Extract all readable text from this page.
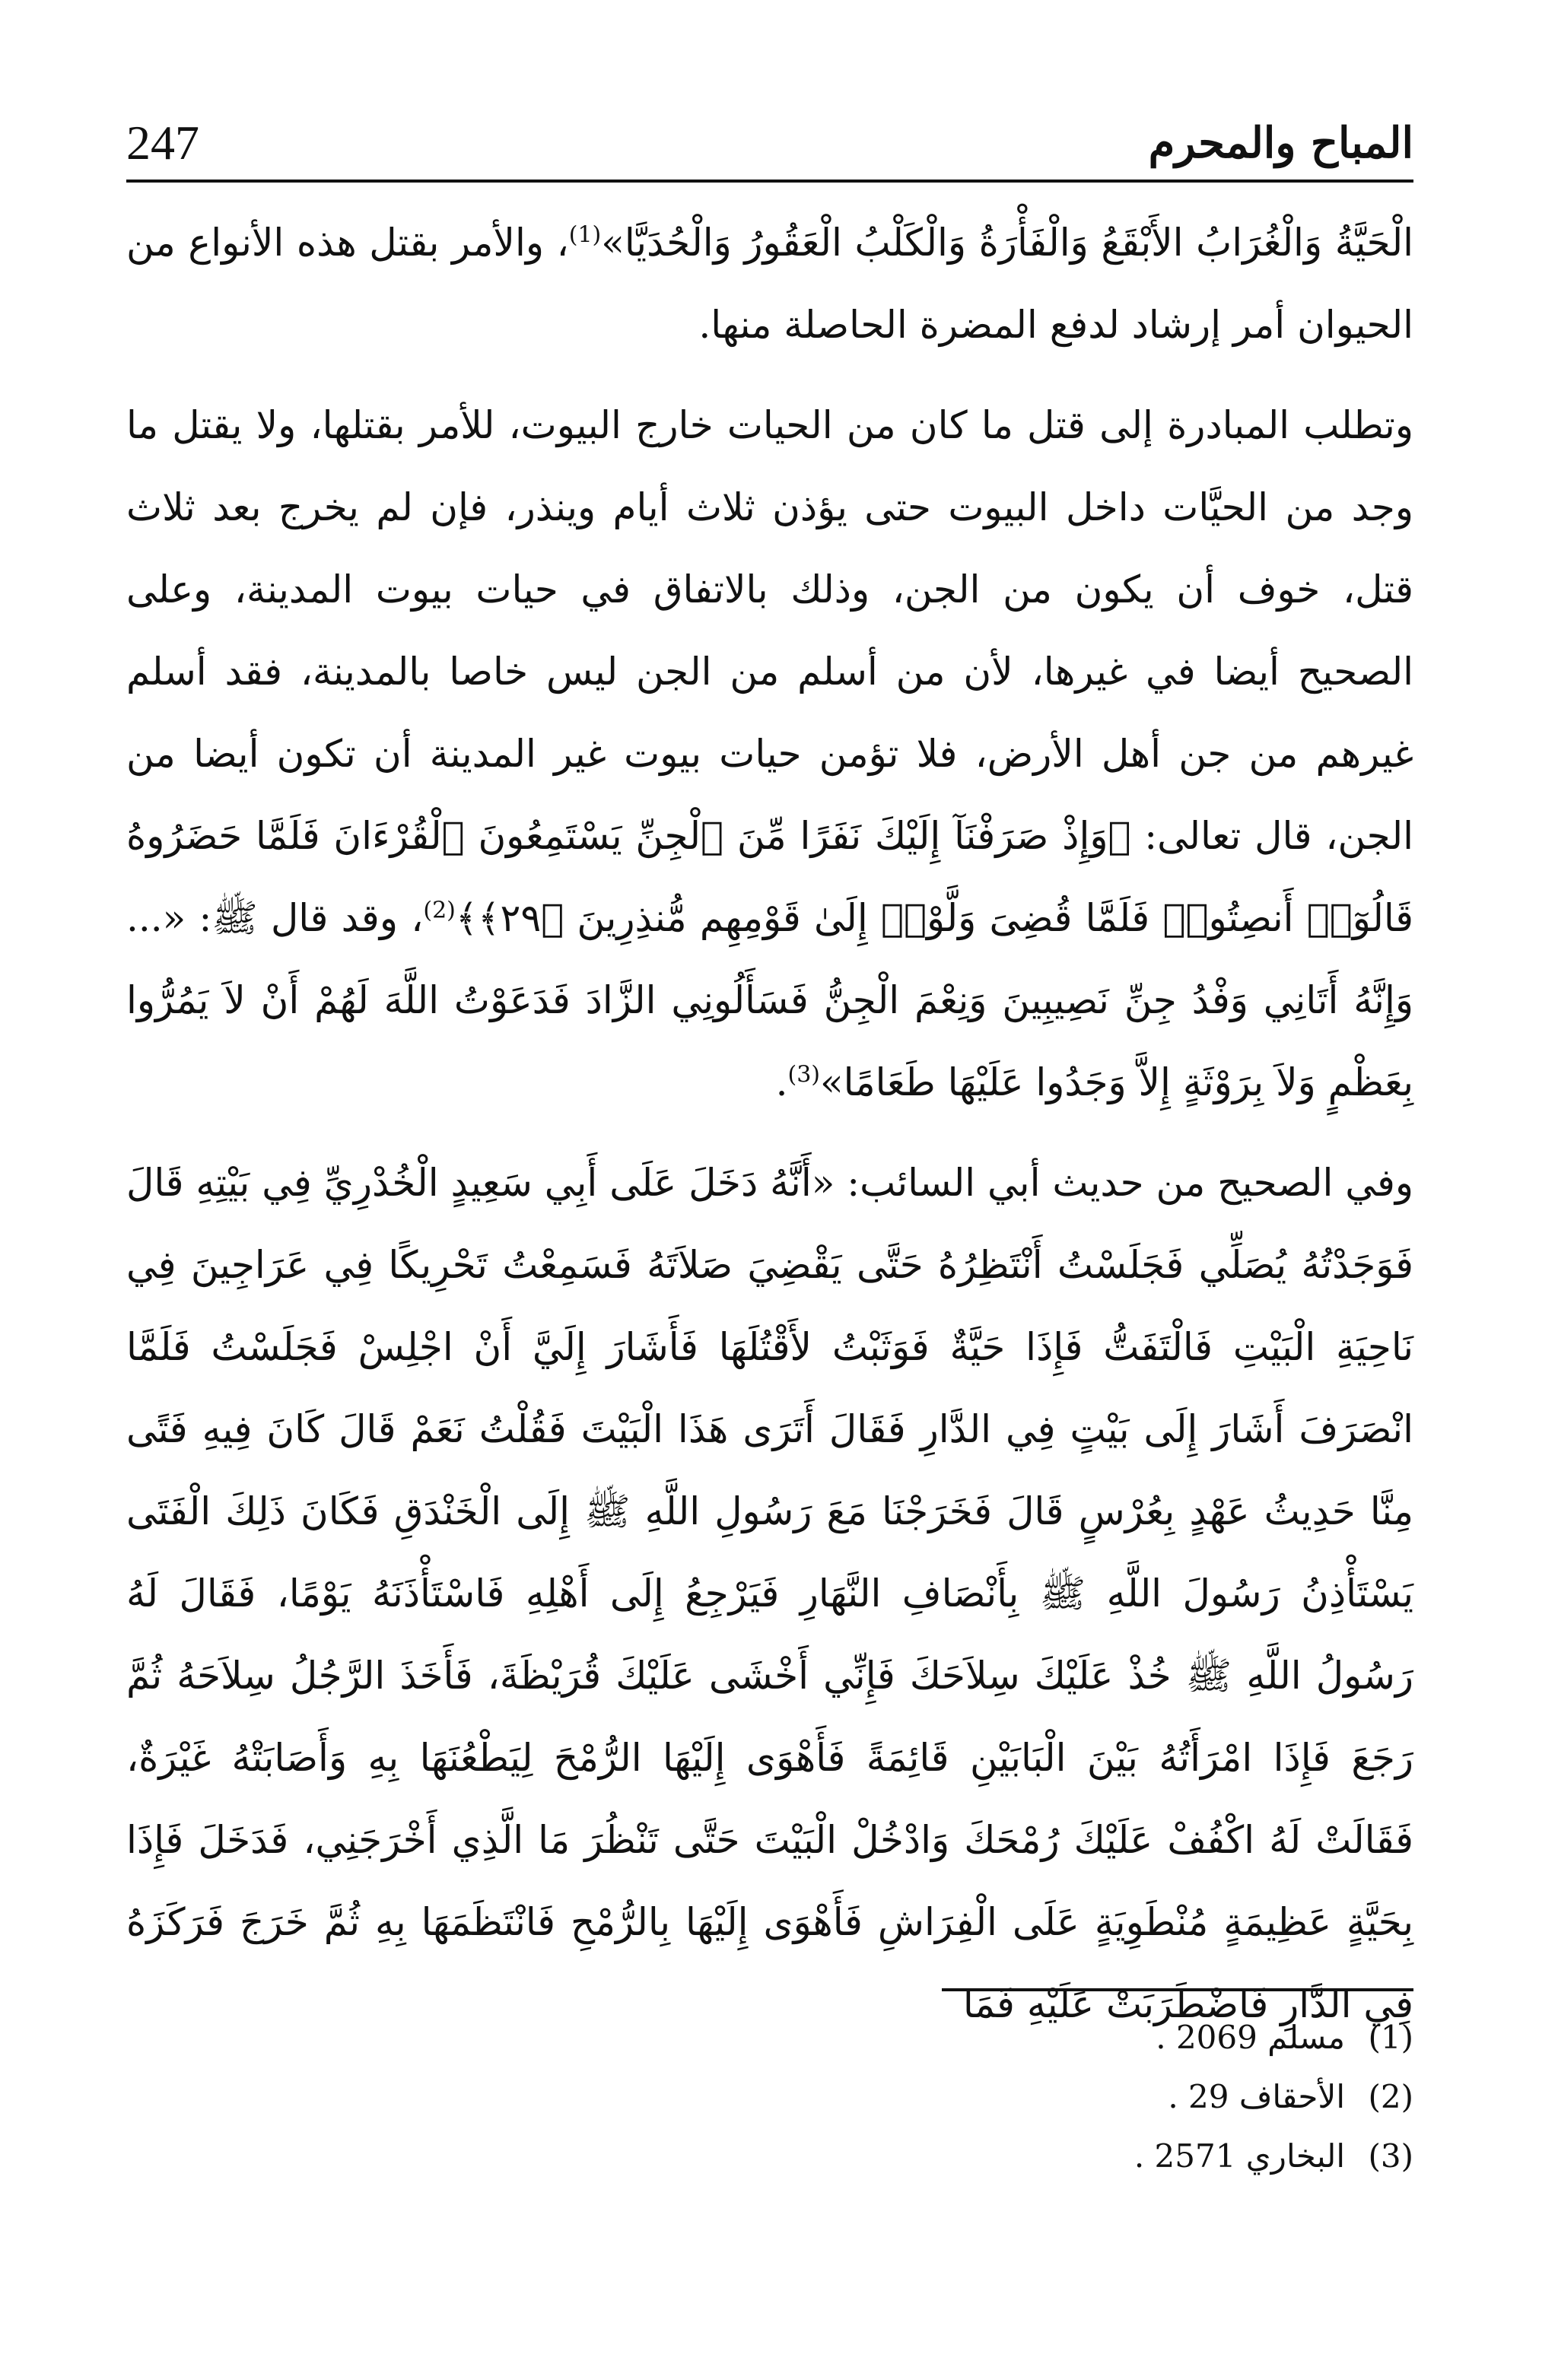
247	المباح والمحرم

الْحَيَّةُ وَالْغُرَابُ الأَبْقَعُ وَالْفَأْرَةُ وَالْكَلْبُ الْعَقُورُ وَالْحُدَيَّا»$^{(1)}$، والأمر بقتل هذه الأنواع من الحيوان أمر إرشاد لدفع المضرة الحاصلة منها.

وتطلب المبادرة إلى قتل ما كان من الحيات خارج البيوت، للأمر بقتلها، ولا يقتل ما وجد من الحيَّات داخل البيوت حتى يؤذن ثلاث أيام وينذر، فإن لم يخرج بعد ثلاث قتل، خوف أن يكون من الجن، وذلك بالاتفاق في حيات بيوت المدينة، وعلى الصحيح أيضا في غيرها، لأن من أسلم من الجن ليس خاصا بالمدينة، فقد أسلم غيرهم من جن أهل الأرض، فلا تؤمن حيات بيوت غير المدينة أن تكون أيضا من الجن، قال تعالى: ﴿وَإِذْ صَرَفْنَآ إِلَيْكَ نَفَرًا مِّنَ ٱلْجِنِّ يَسْتَمِعُونَ ٱلْقُرْءَانَ فَلَمَّا حَضَرُوهُ قَالُوٓا۟ أَنصِتُوا۟ فَلَمَّا قُضِىَ وَلَّوْا۟ إِلَىٰ قَوْمِهِم مُّنذِرِينَ ﴿٢٩﴾﴾$^{(2)}$، وقد قال ﷺ: «... وَإِنَّهُ أَتَانِي وَفْدُ جِنِّ نَصِيبِينَ وَنِعْمَ الْجِنُّ فَسَأَلُونِي الزَّادَ فَدَعَوْتُ اللَّهَ لَهُمْ أَنْ لاَ يَمُرُّوا بِعَظْمٍ وَلاَ بِرَوْثَةٍ إِلاَّ وَجَدُوا عَلَيْهَا طَعَامًا»$^{(3)}$.

وفي الصحيح من حديث أبي السائب: «أَنَّهُ دَخَلَ عَلَى أَبِي سَعِيدٍ الْخُدْرِيِّ فِي بَيْتِهِ قَالَ فَوَجَدْتُهُ يُصَلِّي فَجَلَسْتُ أَنْتَظِرُهُ حَتَّى يَقْضِيَ صَلاَتَهُ فَسَمِعْتُ تَحْرِيكًا فِي عَرَاجِينَ فِي نَاحِيَةِ الْبَيْتِ فَالْتَفَتُّ فَإِذَا حَيَّةٌ فَوَثَبْتُ لأَقْتُلَهَا فَأَشَارَ إِلَيَّ أَنْ اجْلِسْ فَجَلَسْتُ فَلَمَّا انْصَرَفَ أَشَارَ إِلَى بَيْتٍ فِي الدَّارِ فَقَالَ أَتَرَى هَذَا الْبَيْتَ فَقُلْتُ نَعَمْ قَالَ كَانَ فِيهِ فَتًى مِنَّا حَدِيثُ عَهْدٍ بِعُرْسٍ قَالَ فَخَرَجْنَا مَعَ رَسُولِ اللَّهِ ﷺ إِلَى الْخَنْدَقِ فَكَانَ ذَلِكَ الْفَتَى يَسْتَأْذِنُ رَسُولَ اللَّهِ ﷺ بِأَنْصَافِ النَّهَارِ فَيَرْجِعُ إِلَى أَهْلِهِ فَاسْتَأْذَنَهُ يَوْمًا، فَقَالَ لَهُ رَسُولُ اللَّهِ ﷺ خُذْ عَلَيْكَ سِلاَحَكَ فَإِنِّي أَخْشَى عَلَيْكَ قُرَيْظَةَ، فَأَخَذَ الرَّجُلُ سِلاَحَهُ ثُمَّ رَجَعَ فَإِذَا امْرَأَتُهُ بَيْنَ الْبَابَيْنِ قَائِمَةً فَأَهْوَى إِلَيْهَا الرُّمْحَ لِيَطْعُنَهَا بِهِ وَأَصَابَتْهُ غَيْرَةٌ، فَقَالَتْ لَهُ اكْفُفْ عَلَيْكَ رُمْحَكَ وَادْخُلْ الْبَيْتَ حَتَّى تَنْظُرَ مَا الَّذِي أَخْرَجَنِي، فَدَخَلَ فَإِذَا بِحَيَّةٍ عَظِيمَةٍ مُنْطَوِيَةٍ عَلَى الْفِرَاشِ فَأَهْوَى إِلَيْهَا بِالرُّمْحِ فَانْتَظَمَهَا بِهِ ثُمَّ خَرَجَ فَرَكَزَهُ فِي الدَّارِ فَاضْطَرَبَتْ عَلَيْهِ فَمَا

(1)مسلم 2069 .
(2)الأحقاف 29 .
(3)البخاري 2571 .
